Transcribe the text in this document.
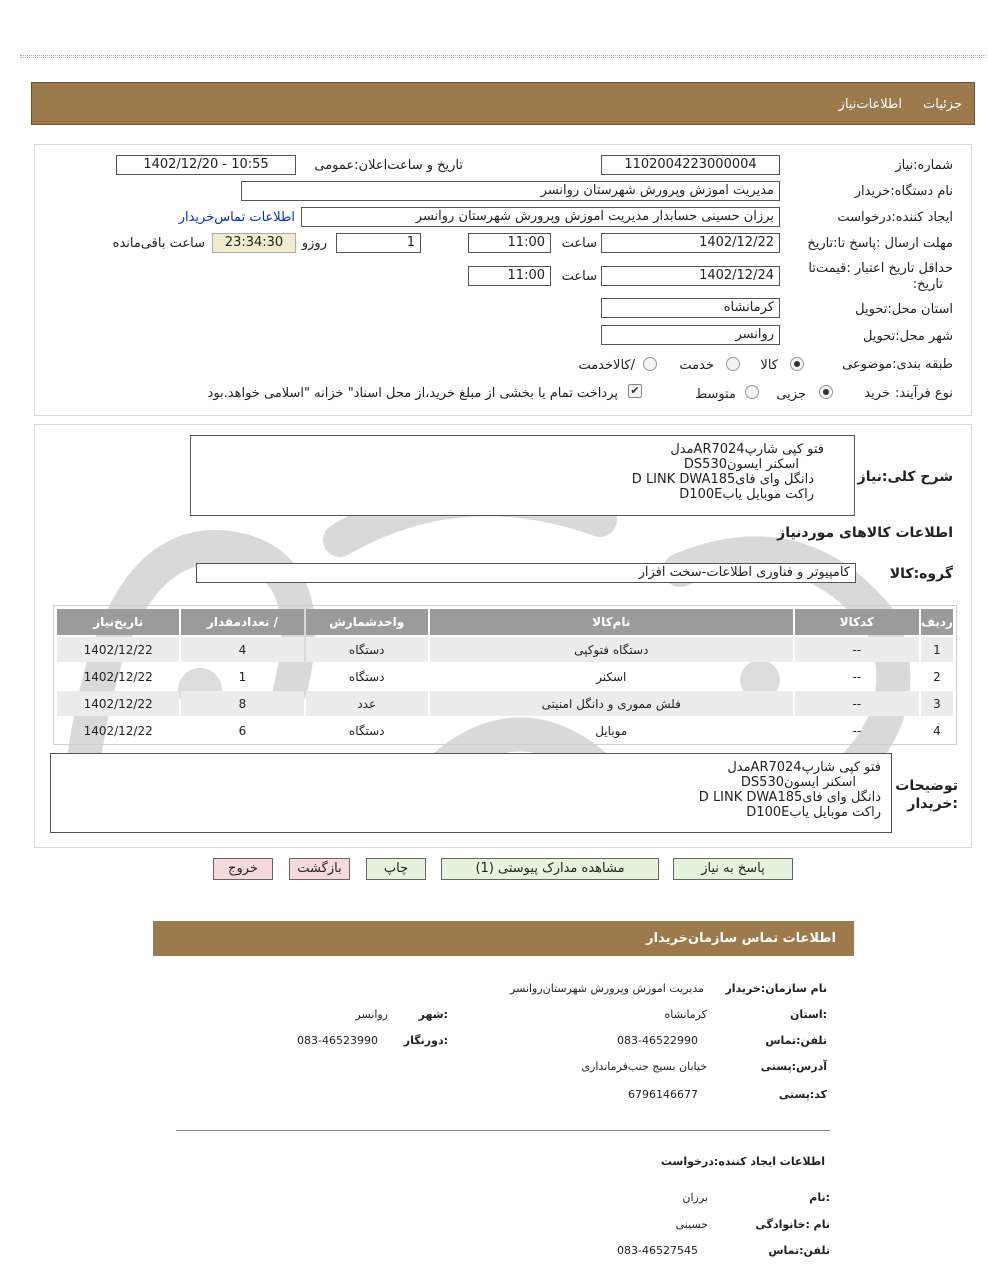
جزئیات
اطلاعات‌نیاز
شماره:نیاز
1102004223000004
تاریخ و ساعت‌اعلان:عمومی
1402/12/20 - 10:55
نام دستگاه:خریدار
مدیریت اموزش وپرورش شهرستان روانسر
ایجاد کننده:درخواست
برزان حسینی حسابدار مدیریت اموزش وپرورش شهرستان روانسر
اطلاعات تماس‌خریدار
مهلت ارسال :پاسخ تا:تاریخ
1402/12/22
ساعت
11:00
1
روزو
23:34:30
ساعت باقی‌مانده
حداقل تاریخ اعتبار :قیمت‌تا
تاریخ:
1402/12/24
ساعت
11:00
استان محل:تحویل
کرمانشاه
شهر محل:تحویل
روانسر
طبقه بندی:موضوعی
کالا
خدمت
/کالاخدمت
نوع فرآیند:
خرید
جزیی
متوسط
✔
پرداخت تمام یا بخشی از مبلغ خرید،از محل اسناد" خزانه "اسلامی خواهد.بود
شرح کلی:نیاز
فتو کپی شارپAR7024مدل
اسکنر ایسونDS530
دانگل وای فایD LINK DWA185
راکت موبایل یابD100E
اطلاعات کالاهای موردنیاز
گروه:کالا
کامپیوتر و فناوری اطلاعات-سخت افزار
ردیف	کدکالا	نام‌کالا	واحدشمارش	/ تعدادمقدار	تاریخ‌نیاز
1	--	دستگاه فتوکپی	دستگاه	4	1402/12/22
2	--	اسکنر	دستگاه	1	1402/12/22
3	--	فلش مموری و دانگل امنیتی	عدد	8	1402/12/22
4	--	موبایل	دستگاه	6	1402/12/22
توضیحات
:خریدار
فتو کپی شارپAR7024مدل
اسکنر ایسونDS530
دانگل وای فایD LINK DWA185
راکت موبایل یابD100E
پاسخ به نیاز
مشاهده مدارک پیوستی (1)
چاپ
بازگشت
خروج
اطلاعات تماس سازمان‌خریدار
نام سازمان:خریدار
مدیریت اموزش وپرورش شهرستان‌روانسر
:استان
کرمانشاه
:شهر
روانسر
تلفن:تماس
083-46522990
:دورنگار
083-46523990
آدرس:پستی
خیابان بسیج جنب‌فرمانداری
کد:پستی
6796146677
اطلاعات ایجاد کننده:درخواست
:نام
برزان
نام :خانوادگی
حسینی
تلفن:تماس
083-46527545
